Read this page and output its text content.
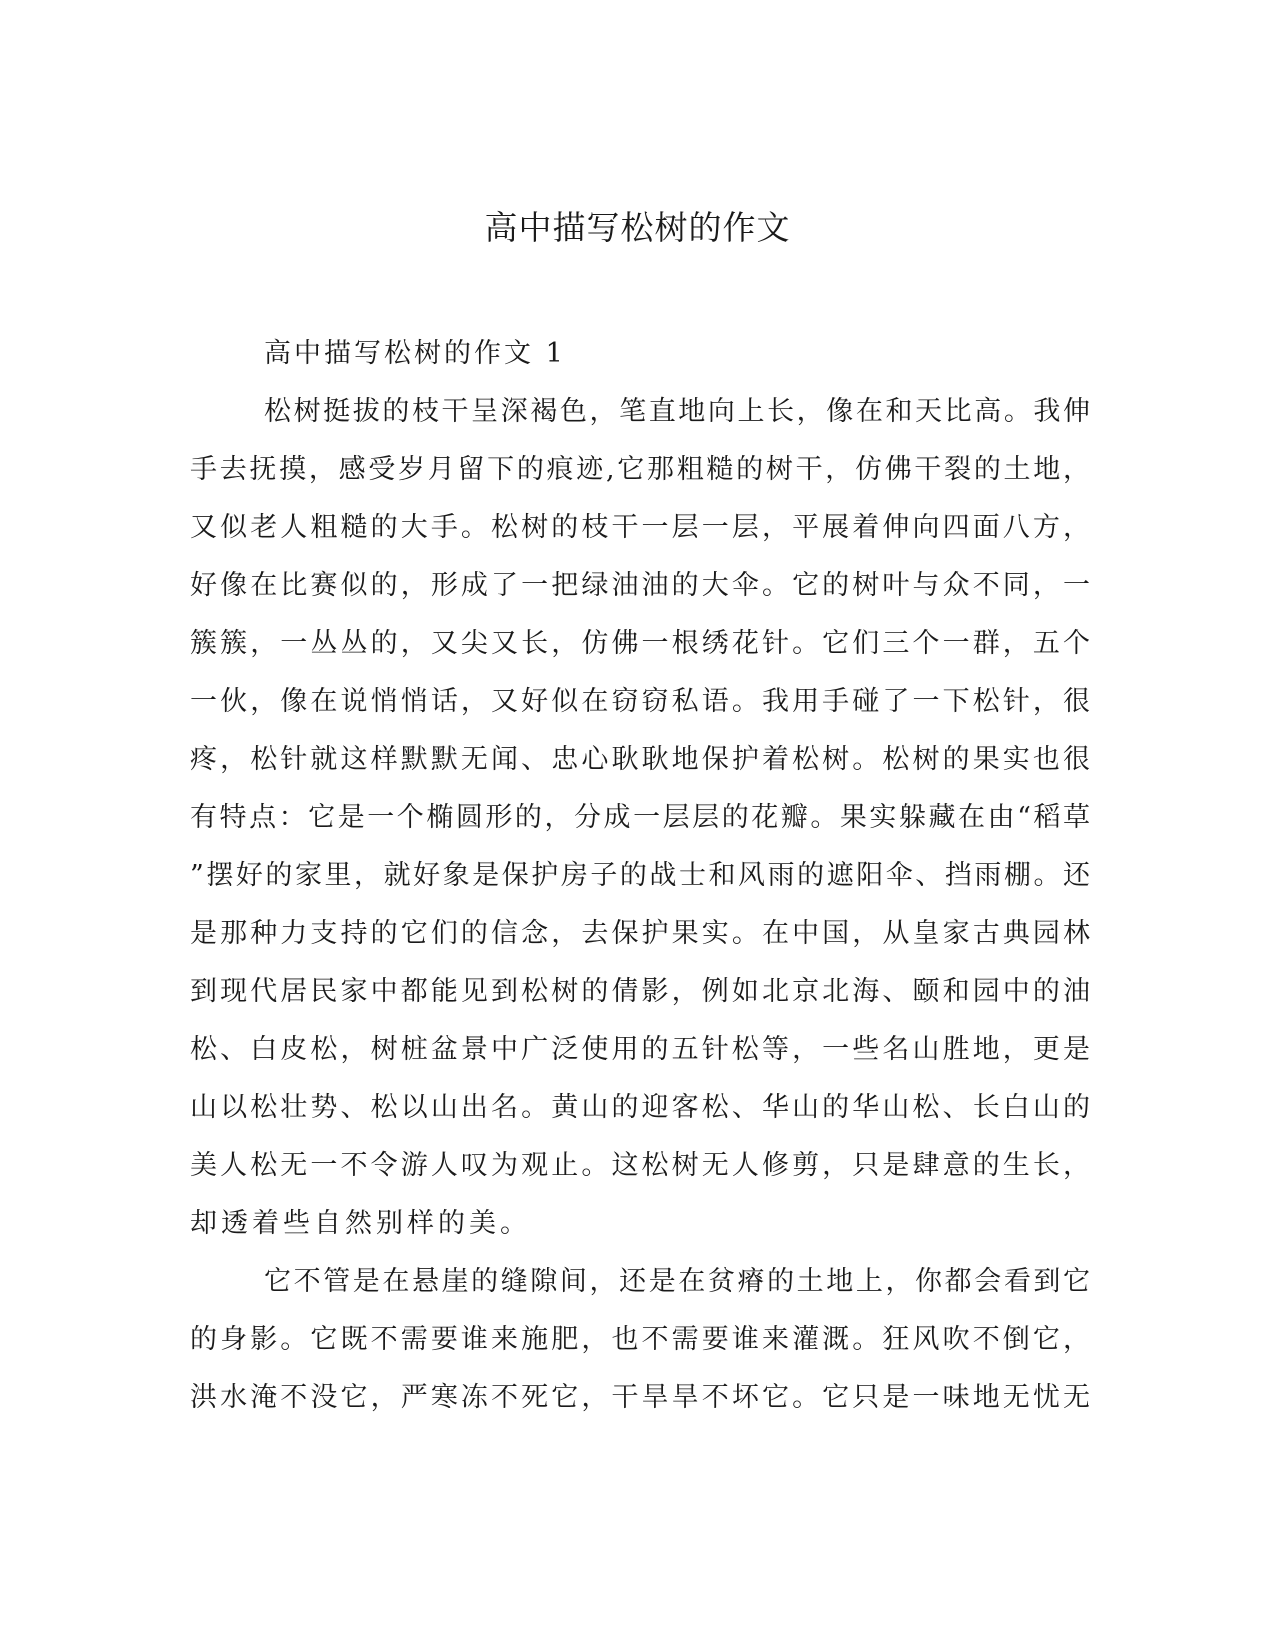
高中描写松树的作文
高中描写松树的作文 1
松树挺拔的枝干呈深褐色，笔直地向上长，像在和天比高。我伸
手去抚摸，感受岁月留下的痕迹,它那粗糙的树干，仿佛干裂的土地，
又似老人粗糙的大手。松树的枝干一层一层，平展着伸向四面八方，
好像在比赛似的，形成了一把绿油油的大伞。它的树叶与众不同，一
簇簇，一丛丛的，又尖又长，仿佛一根绣花针。它们三个一群，五个
一伙，像在说悄悄话，又好似在窃窃私语。我用手碰了一下松针，很
疼，松针就这样默默无闻、忠心耿耿地保护着松树。松树的果实也很
有特点：它是一个椭圆形的，分成一层层的花瓣。果实躲藏在由“稻草
”摆好的家里，就好象是保护房子的战士和风雨的遮阳伞、挡雨棚。还
是那种力支持的它们的信念，去保护果实。在中国，从皇家古典园林
到现代居民家中都能见到松树的倩影，例如北京北海、颐和园中的油
松、白皮松，树桩盆景中广泛使用的五针松等，一些名山胜地，更是
山以松壮势、松以山出名。黄山的迎客松、华山的华山松、长白山的
美人松无一不令游人叹为观止。这松树无人修剪，只是肆意的生长，
却透着些自然别样的美。
它不管是在悬崖的缝隙间，还是在贫瘠的土地上，你都会看到它
的身影。它既不需要谁来施肥，也不需要谁来灌溉。狂风吹不倒它，
洪水淹不没它，严寒冻不死它，干旱旱不坏它。它只是一味地无忧无
